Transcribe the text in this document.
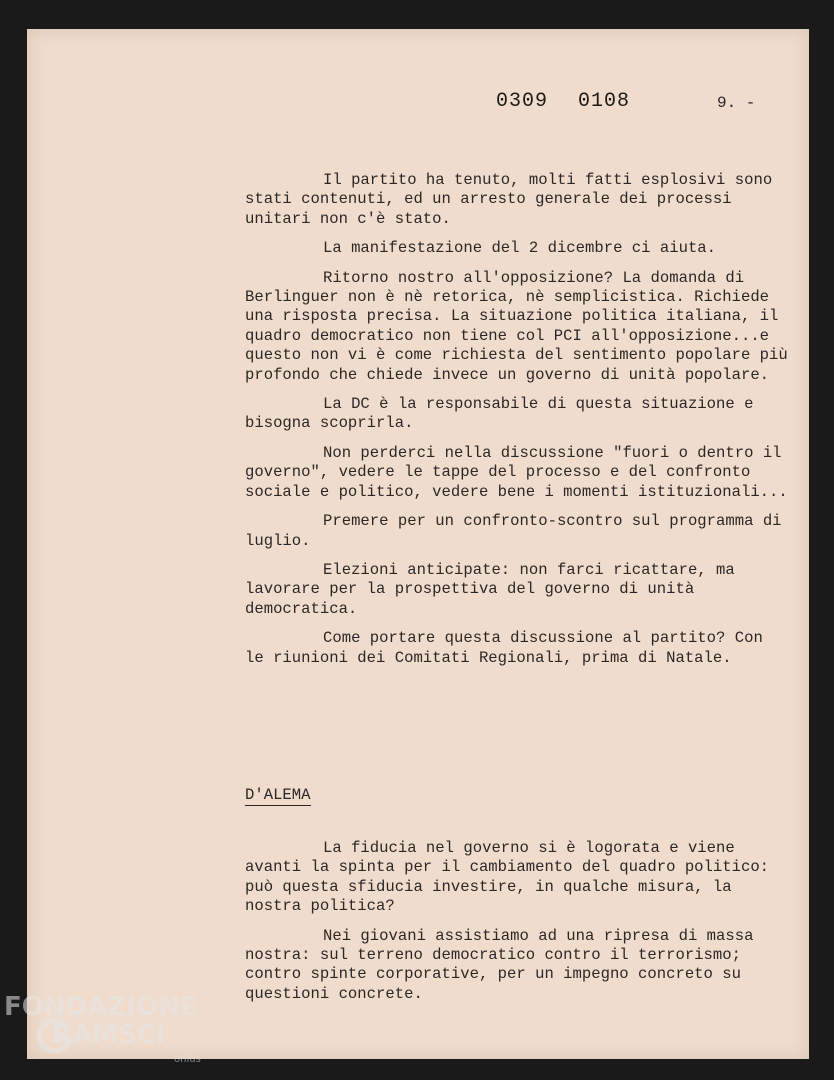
0309 0108	9. -

Il partito ha tenuto, molti fatti esplosivi sono stati contenuti, ed un arresto generale dei processi unitari non c'è stato.

La manifestazione del 2 dicembre ci aiuta.

Ritorno nostro all'opposizione? La domanda di Berlinguer non è nè retorica, nè semplicistica. Richiede una risposta precisa. La situazione politica italiana, il quadro democratico non tiene col PCI all'opposizione...e questo non vi è come richiesta del sentimento popolare più profondo che chiede invece un governo di unità popolare.

La DC è la responsabile di questa situazione e bisogna scoprirla.

Non perderci nella discussione "fuori o dentro il governo", vedere le tappe del processo e del confronto sociale e politico, vedere bene i momenti istituzionali...

Premere per un confronto-scontro sul programma di luglio.

Elezioni anticipate: non farci ricattare, ma lavorare per la prospettiva del governo di unità democratica.

Come portare questa discussione al partito? Con le riunioni dei Comitati Regionali, prima di Natale.

D'ALEMA

La fiducia nel governo si è logorata e viene avanti la spinta per il cambiamento del quadro politico: può questa sfiducia investire, in qualche misura, la nostra politica?

Nei giovani assistiamo ad una ripresa di massa nostra: sul terreno democratico contro il terrorismo; contro spinte corporative, per un impegno concreto su questioni concrete.

FONDAZIONE
RAMSCI
onlus
